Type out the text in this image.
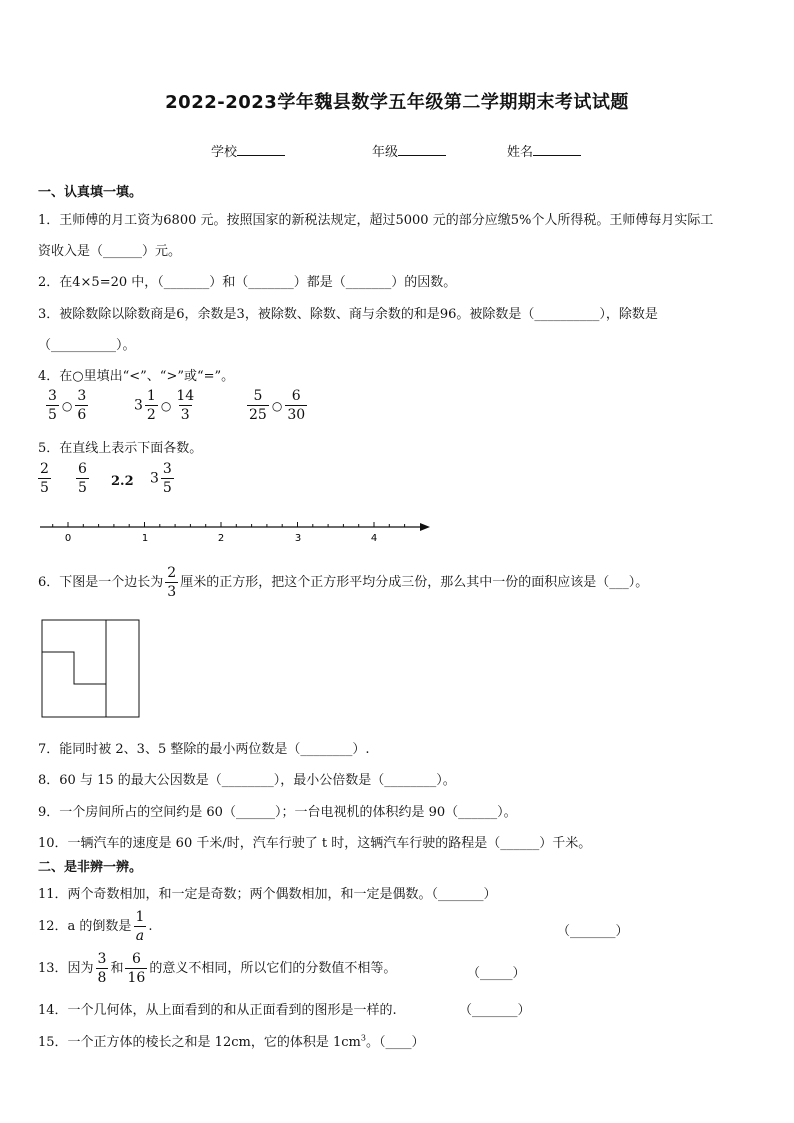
2022-2023学年魏县数学五年级第二学期期末考试试题
学校	年级	姓名
一、认真填一填。
1．王师傅的月工资为6800 元。按照国家的新税法规定，超过5000 元的部分应缴5%个人所得税。王师傅每月实际工
资收入是（______）元。
2．在4×5=20 中，（_______）和（_______）都是（_______）的因数。
3．被除数除以除数商是6，余数是3，被除数、除数、商与余数的和是96。被除数是（__________），除数是
（__________）。
4．在○里填出“<”、“>”或“=”。
$\frac{3}{5}$ ○ $\frac{3}{6}$	$3 \frac{1}{2}$ ○ $\frac{14}{3}$	$\frac{5}{25}$ ○ $\frac{6}{30}$
5．在直线上表示下面各数。
$\frac{2}{5} \frac{6}{5} 2.2$ $3 \frac{3}{5}$
0	1	2	3	4
6．下图是一个边长为 $\frac{2}{3}$ 厘米的正方形，把这个正方形平均分成三份，那么其中一份的面积应该是（___）。
7．能同时被 2、3、5 整除的最小两位数是（________）.
8．60 与 15 的最大公因数是（________），最小公倍数是（________）。
9．一个房间所占的空间约是 60（______）；一台电视机的体积约是 90（______）。
10．一辆汽车的速度是 60 千米/时，汽车行驶了 t 时，这辆汽车行驶的路程是（______）千米。
二、是非辨一辨。
11．两个奇数相加，和一定是奇数；两个偶数相加，和一定是偶数。（_______）
12．a 的倒数是 $\frac{1}{a}$ .	（_______）
13．因为 $\frac{3}{8}$ 和 $\frac{6}{16}$ 的意义不相同，所以它们的分数值不相等。	（_____）
14．一个几何体，从上面看到的和从正面看到的图形是一样的.	（_______）
15．一个正方体的棱长之和是 12cm，它的体积是 $1cm^3$。（____）
